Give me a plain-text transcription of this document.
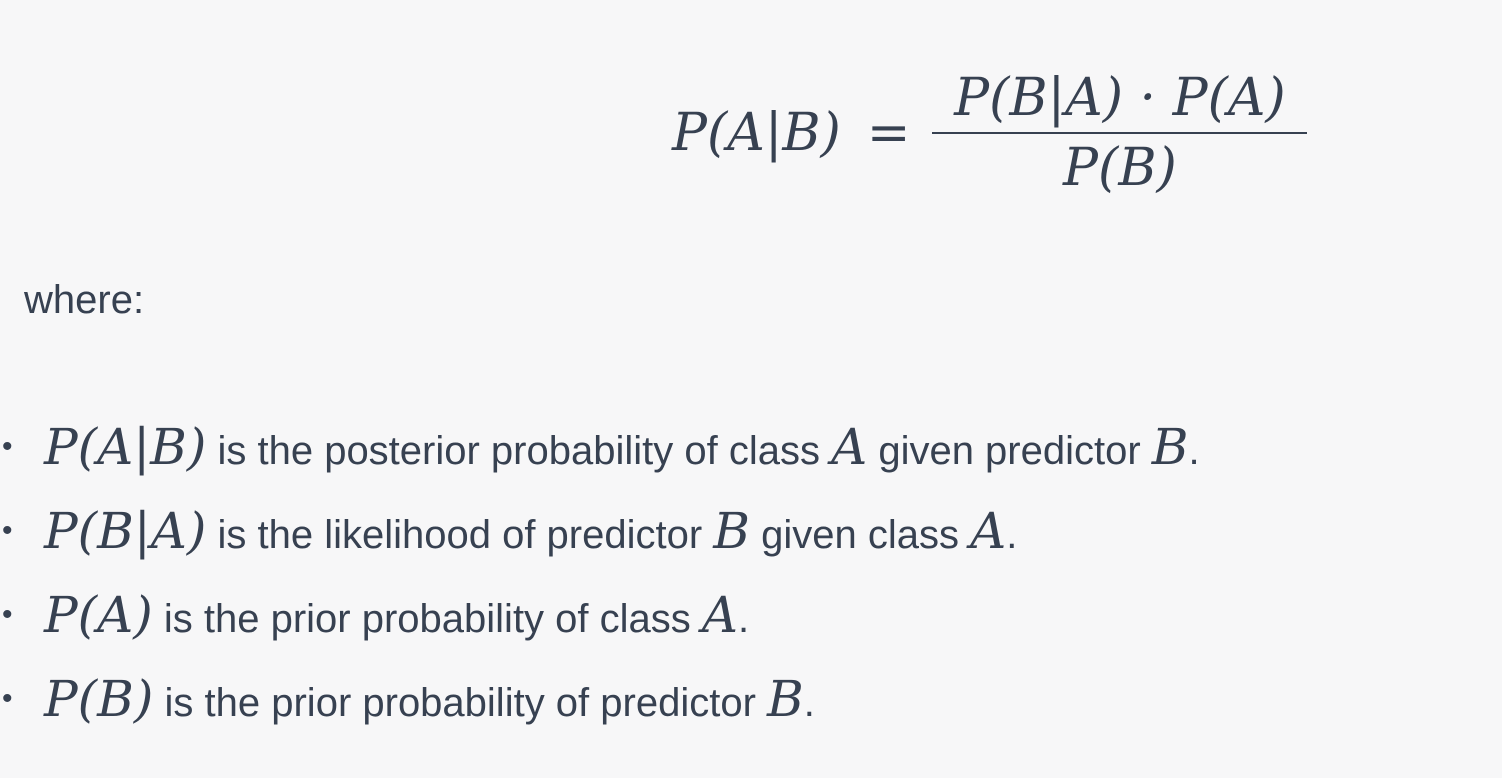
$P(A|B) = \frac{P(B|A) \cdot P(A)}{P(B)}$
where:
• P(A|B) is the posterior probability of class A given predictor B.
• P(B|A) is the likelihood of predictor B given class A.
• P(A) is the prior probability of class A.
• P(B) is the prior probability of predictor B.
